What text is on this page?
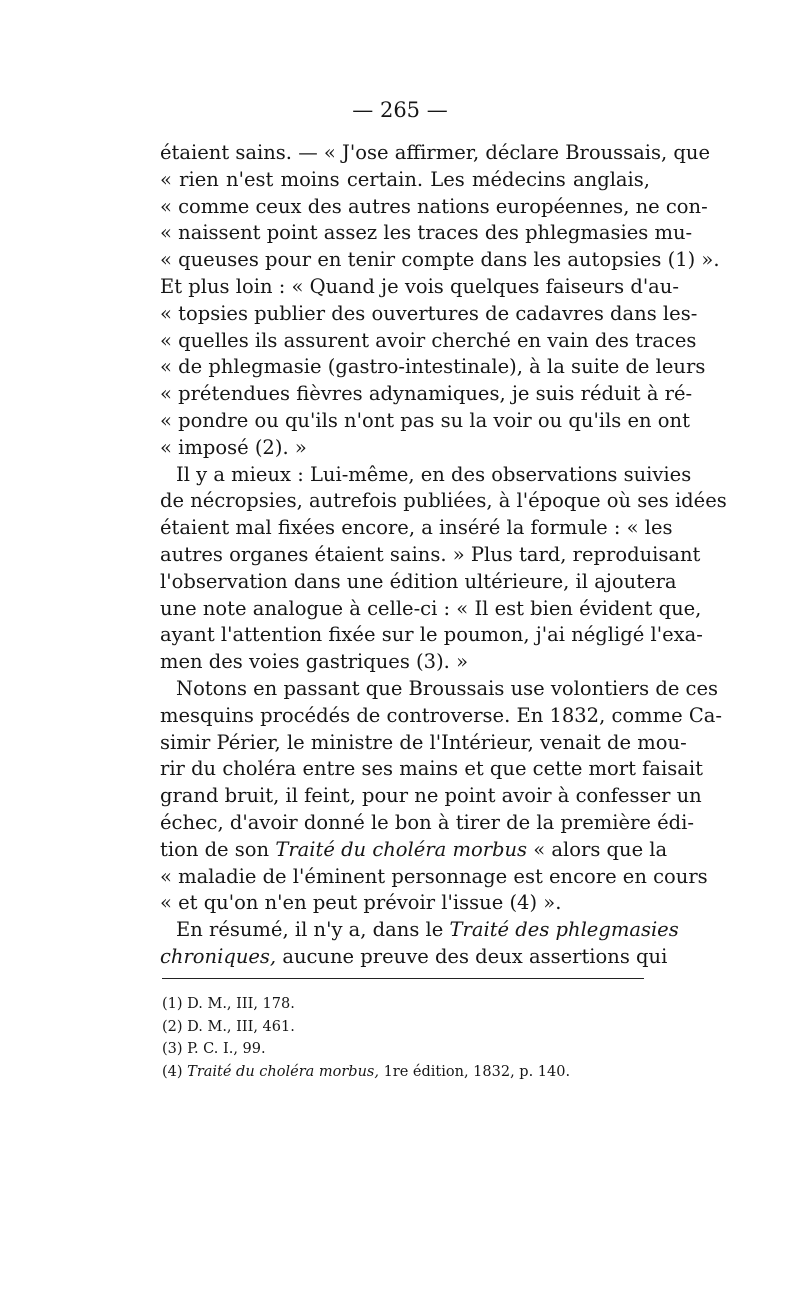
— 265 —
étaient sains. — « J'ose affirmer, déclare Broussais, que
« rien n'est moins certain. Les médecins anglais,
« comme ceux des autres nations européennes, ne con-
« naissent point assez les traces des phlegmasies mu-
« queuses pour en tenir compte dans les autopsies (1) ».
Et plus loin : « Quand je vois quelques faiseurs d'au-
« topsies publier des ouvertures de cadavres dans les-
« quelles ils assurent avoir cherché en vain des traces
« de phlegmasie (gastro-intestinale), à la suite de leurs
« prétendues fièvres adynamiques, je suis réduit à ré-
« pondre ou qu'ils n'ont pas su la voir ou qu'ils en ont
« imposé (2). »
Il y a mieux : Lui-même, en des observations suivies
de nécropsies, autrefois publiées, à l'époque où ses idées
étaient mal fixées encore, a inséré la formule : « les
autres organes étaient sains. » Plus tard, reproduisant
l'observation dans une édition ultérieure, il ajoutera
une note analogue à celle-ci : « Il est bien évident que,
ayant l'attention fixée sur le poumon, j'ai négligé l'exa-
men des voies gastriques (3). »
Notons en passant que Broussais use volontiers de ces
mesquins procédés de controverse. En 1832, comme Ca-
simir Périer, le ministre de l'Intérieur, venait de mou-
rir du choléra entre ses mains et que cette mort faisait
grand bruit, il feint, pour ne point avoir à confesser un
échec, d'avoir donné le bon à tirer de la première édi-
tion de son Traité du choléra morbus « alors que la
« maladie de l'éminent personnage est encore en cours
« et qu'on n'en peut prévoir l'issue (4) ».
En résumé, il n'y a, dans le Traité des phlegmasies
chroniques, aucune preuve des deux assertions qui
(1) D. M., III, 178.
(2) D. M., III, 461.
(3) P. C. I., 99.
(4) Traité du choléra morbus, 1re édition, 1832, p. 140.
